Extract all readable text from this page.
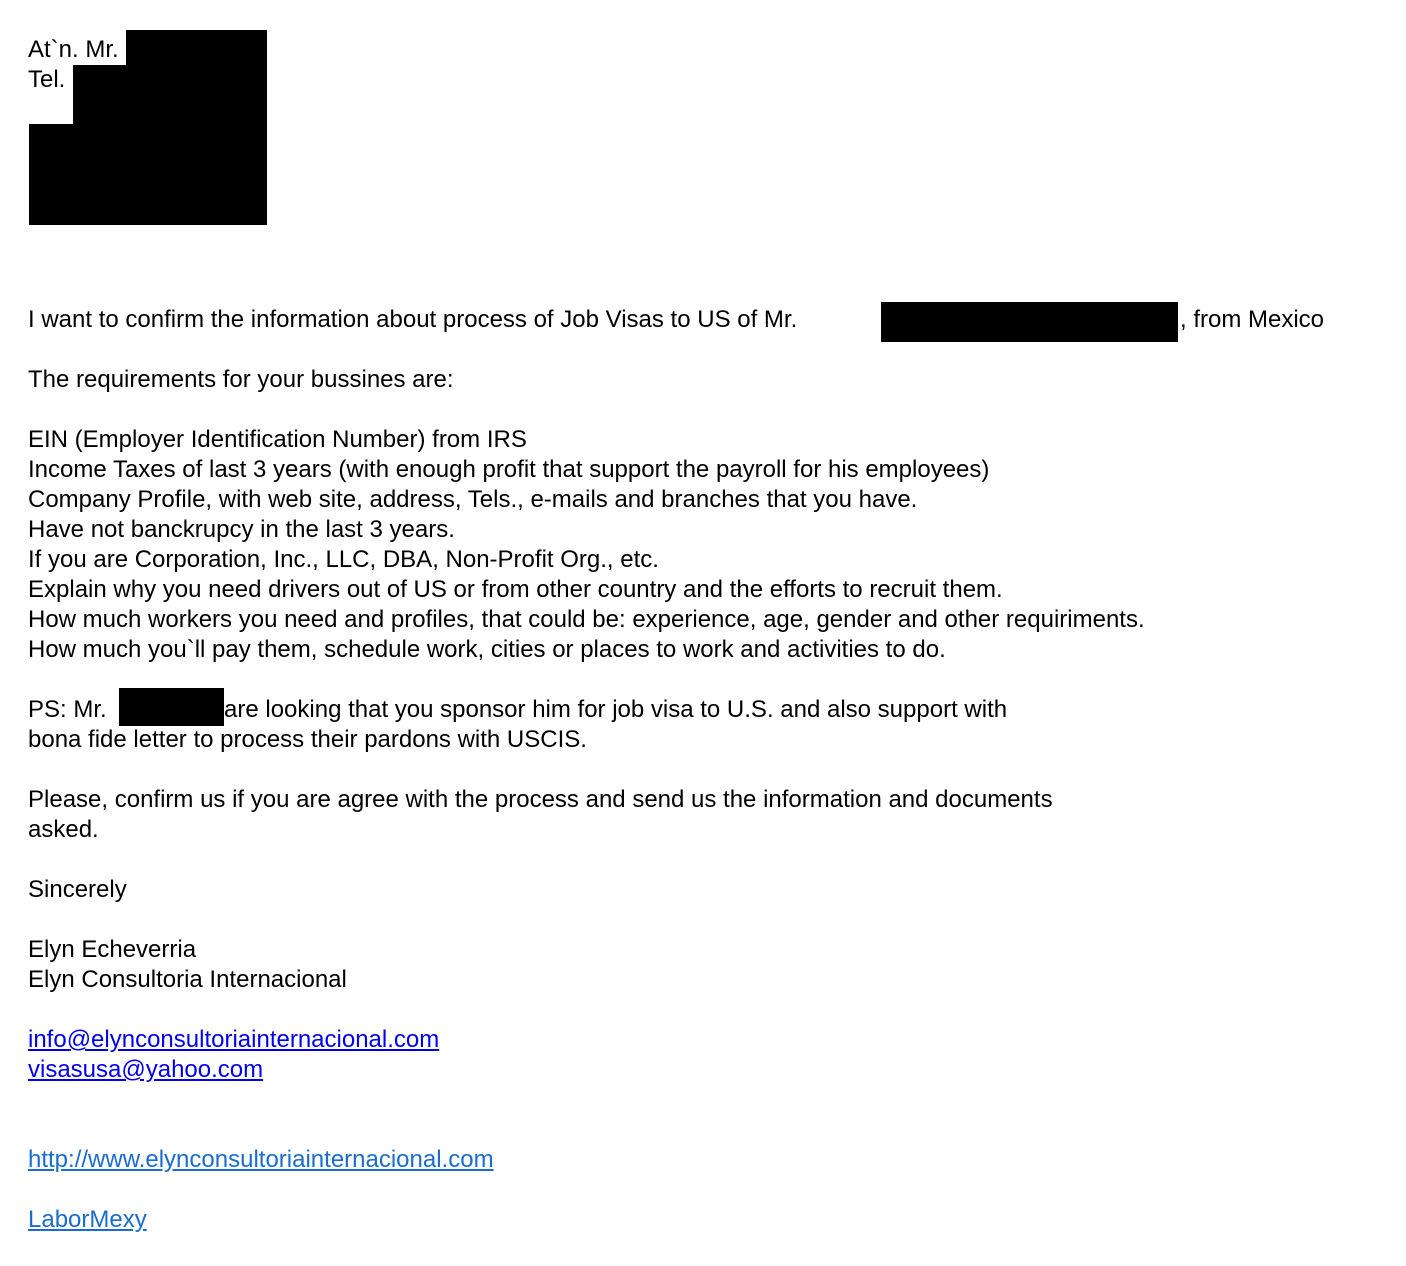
At`n. Mr.
Tel.
I want to confirm the information about process of Job Visas to US of Mr.	, from Mexico
The requirements for your bussines are:
EIN (Employer Identification Number) from IRS
Income Taxes of last 3 years (with enough profit that support the payroll for his employees)
Company Profile, with web site, address, Tels., e-mails and branches that you have.
Have not banckrupcy in the last 3 years.
If you are Corporation, Inc., LLC, DBA, Non-Profit Org., etc.
Explain why you need drivers out of US or from other country and the efforts to recruit them.
How much workers you need and profiles, that could be: experience, age, gender and other requiriments.
How much you`ll pay them, schedule work, cities or places to work and activities to do.
PS: Mr.	are looking that you sponsor him for job visa to U.S. and also support with
bona fide letter to process their pardons with USCIS.
Please, confirm us if you are agree with the process and send us the information and documents
asked.
Sincerely
Elyn Echeverria
Elyn Consultoria Internacional
info@elynconsultoriainternacional.com
visasusa@yahoo.com
http://www.elynconsultoriainternacional.com
LaborMexy
